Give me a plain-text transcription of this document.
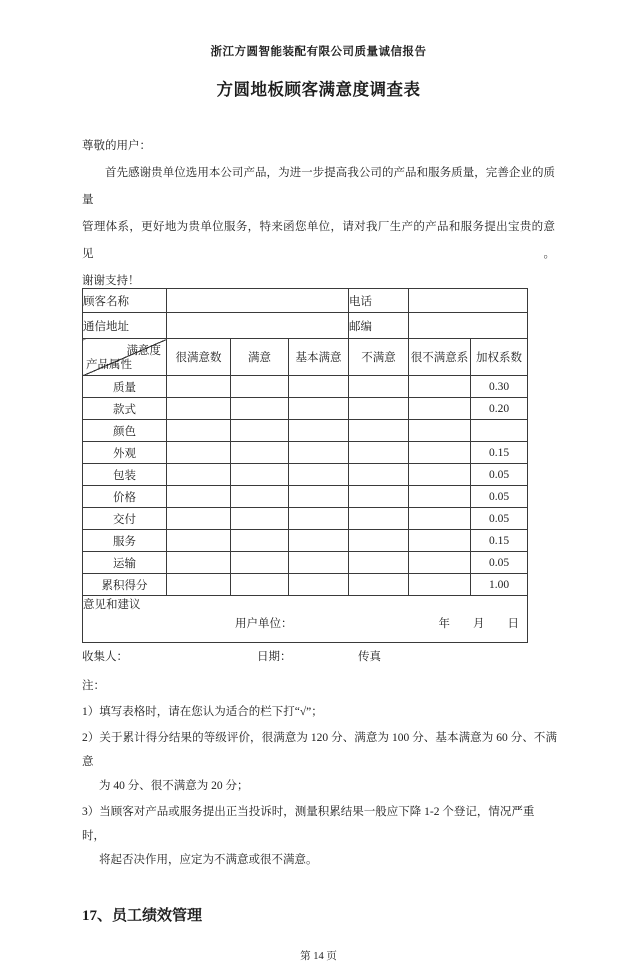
浙江方圆智能装配有限公司质量诚信报告
方圆地板顾客满意度调查表
尊敬的用户：
首先感谢贵单位选用本公司产品，为进一步提高我公司的产品和服务质量，完善企业的质量
管理体系，更好地为贵单位服务，特来函您单位，请对我厂生产的产品和服务提出宝贵的意见。
谢谢支持！
顾客名称				电话		
通信地址				邮编		

满意度
产品属性	很满意数	满意	基本满意	不满意	很不满意系	加权系数
质量						0.30
款式						0.20
颜色						
外观						0.15
包装						0.05
价格						0.05
交付						0.05
服务						0.15
运输						0.05
累积得分						1.00

意见和建议
用户单位： 年　　月　　日						
收集人：	日期：	传真
注：
1）填写表格时，请在您认为适合的栏下打“√”；
2）关于累计得分结果的等级评价，很满意为 120 分、满意为 100 分、基本满意为 60 分、不满意
为 40 分、很不满意为 20 分；
3）当顾客对产品或服务提出正当投诉时，测量积累结果一般应下降 1-2 个登记，情况严重时，
将起否决作用，应定为不满意或很不满意。
17、员工绩效管理
第 14 页
